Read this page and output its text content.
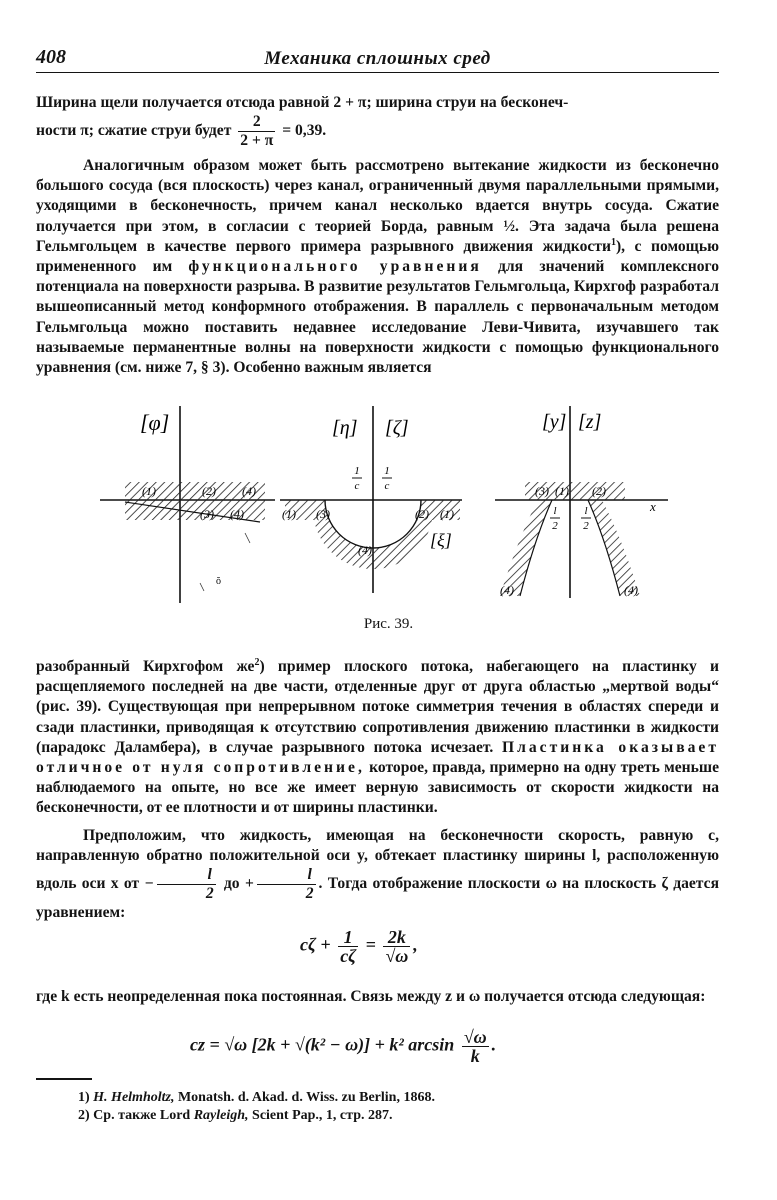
408	Механика сплошных сред
Ширина щели получается отсюда равной 2 + π; ширина струи на бесконеч-
ности π; сжатие струи будет $\frac{2}{2 + \pi} = 0,39$.
Аналогичным образом может быть рассмотрено вытекание жидкости из бесконечно большого сосуда (вся плоскость) через канал, ограниченный двумя параллельными прямыми, уходящими в бесконечность, причем канал несколько вдается внутрь сосуда. Сжатие получается при этом, в согласии с теорией Борда, равным ½. Эта задача была решена Гельмгольцем в качестве первого примера разрывного движения жидкости$^1$), с помощью примененного им функционального уравнения для значений комплексного потенциала на поверхности разрыва. В развитие результатов Гельмгольца, Кирхгоф разработал вышеописанный метод конформного отображения. В параллель с первоначальным методом Гельмгольца можно поставить недавнее исследование Леви-Чивита, изучавшего так называемые перманентные волны на поверхности жидкости с помощью функционального уравнения (см. ниже 7, § 3). Особенно важным является
[φ]
(1)	(2) (4)
(3) (4)
ŏ
[η] [ζ]
1
c
1
c
(1) (3)	(2) (1)
(4)	[ξ]
[y] [z]
(3) (1) (2)
l
2
l
2
x
(4)	(4)
Рис. 39.
разобранный Кирхгофом $же^2$) пример плоского потока, набегающего на пластинку и расщепляемого последней на две части, отделенные друг от друга областью „мертвой воды“ (рис. 39). Существующая при непрерывном потоке симметрия течения в областях спереди и сзади пластинки, приводящая к отсутствию сопротивления движению пластинки в жидкости (парадокс Даламбера), в случае разрывного потока исчезает. Пластинка оказывает отличное от нуля сопротивление, которое, правда, примерно на одну треть меньше наблюдаемого на опыте, но все же имеет верную зависимость от скорости жидкости на бесконечности, от ее плотности и от ширины пластинки.
Предположим, что жидкость, имеющая на бесконечности скорость, равную c, направленную обратно положительной оси y, обтекает пластинку ширины l, расположенную вдоль оси x от − $\frac{l}{2}$ до + $\frac{l}{2}$ . Тогда отображение плоскости ω на плоскость ζ дается уравнением:
$c\zeta + \frac{1}{c\zeta} = \frac{2k}{√\omega}$ ,
где k есть неопределенная пока постоянная. Связь между z и ω получается отсюда следующая:
cz = √ω [2k + √(k² − ω)] + k² $\arcsin \frac{√\omega}{k}$ .
1) H. Helmholtz, Monatsh. d. Akad. d. Wiss. zu Berlin, 1868.
2) Ср. также Lord Rayleigh, Scient Pap., 1, стр. 287.
